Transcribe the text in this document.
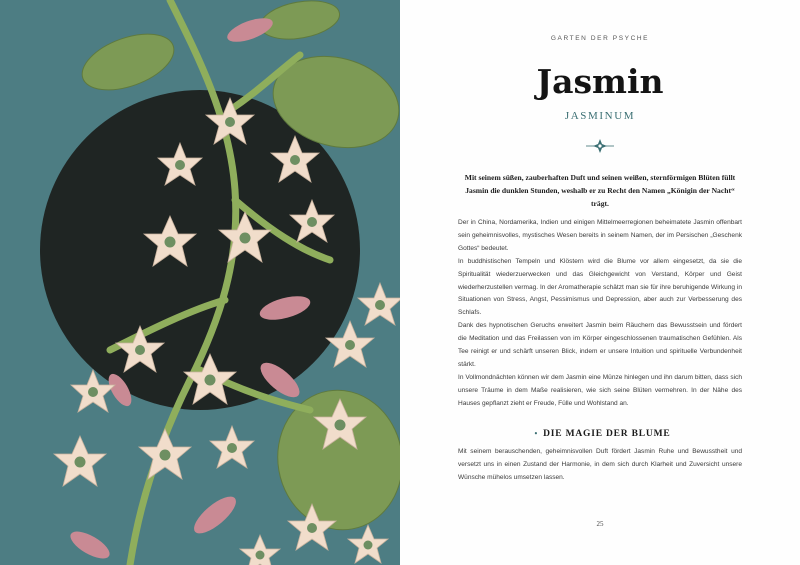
GARTEN DER PSYCHE
Jasmin
JASMINUM
Mit seinem süßen, zauberhaften Duft und seinen weißen, sternförmigen Blüten füllt Jasmin die dunklen Stunden, weshalb er zu Recht den Namen „Königin der Nacht“ trägt.

Der in China, Nordamerika, Indien und einigen Mittelmeerregionen beheimatete Jasmin offenbart sein geheimnisvolles, mystisches Wesen bereits in seinem Namen, der im Persischen „Geschenk Gottes“ bedeutet.

In buddhistischen Tempeln und Klöstern wird die Blume vor allem eingesetzt, da sie die Spiritualität wiederzuerwecken und das Gleichgewicht von Verstand, Körper und Geist wiederherzustellen vermag. In der Aromatherapie schätzt man sie für ihre beruhigende Wirkung in Situationen von Stress, Angst, Pessimismus und Depression, aber auch zur Verbesserung des Schlafs.

Dank des hypnotischen Geruchs erweitert Jasmin beim Räuchern das Bewusstsein und fördert die Meditation und das Freilassen von im Körper eingeschlossenen traumatischen Gefühlen. Als Tee reinigt er und schärft unseren Blick, indem er unsere Intuition und spirituelle Verbundenheit stärkt.

In Vollmondnächten können wir dem Jasmin eine Münze hinlegen und ihn darum bitten, dass sich unsere Träume in dem Maße realisieren, wie sich seine Blüten vermehren. In der Nähe des Hauses gepflanzt zieht er Freude, Fülle und Wohlstand an.

• DIE MAGIE DER BLUME

Mit seinem berauschenden, geheimnisvollen Duft fördert Jasmin Ruhe und Bewusstheit und versetzt uns in einen Zustand der Harmonie, in dem sich durch Klarheit und Zuversicht unsere Wünsche mühelos umsetzen lassen.

25
